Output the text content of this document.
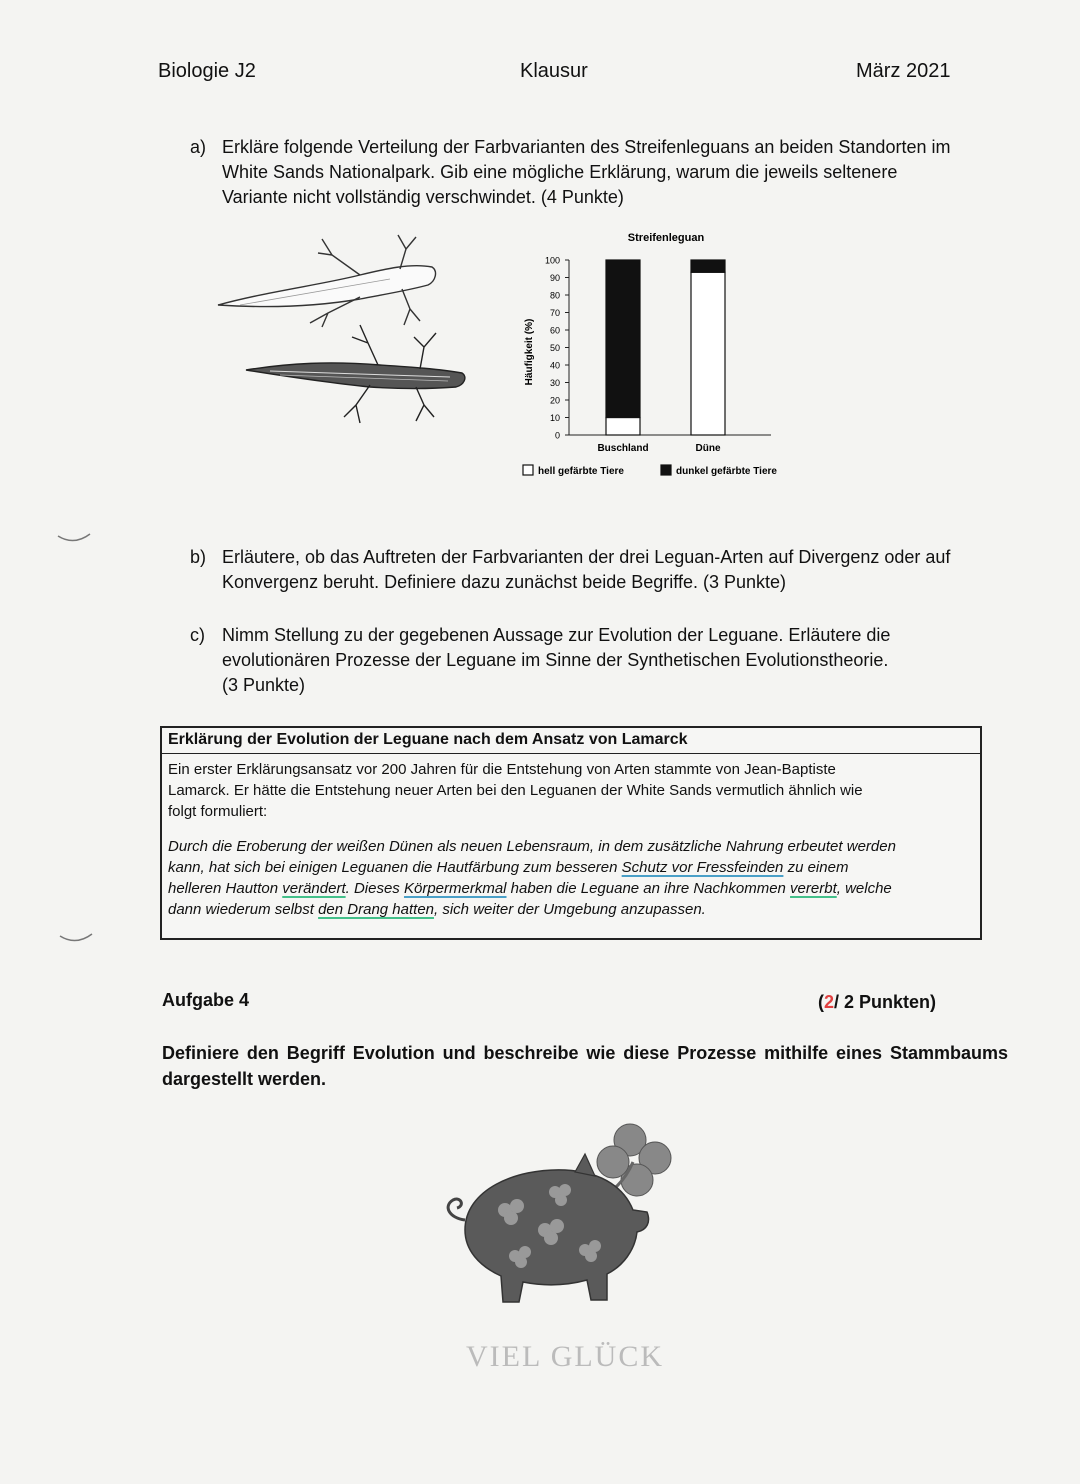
Biologie J2	Klausur	März 2021
a) Erkläre folgende Verteilung der Farbvarianten des Streifenleguans an beiden Standorten im
White Sands Nationalpark. Gib eine mögliche Erklärung, warum die jeweils seltenere
Variante nicht vollständig verschwindet. (4 Punkte)
Streifenleguan
Häufigkeit (%)
0
10
20
30
40
50
60
70
80
90
100
Buschland	Düne
hell gefärbte Tiere	dunkel gefärbte Tiere
b) Erläutere, ob das Auftreten der Farbvarianten der drei Leguan-Arten auf Divergenz oder auf
Konvergenz beruht. Definiere dazu zunächst beide Begriffe. (3 Punkte)
c) Nimm Stellung zu der gegebenen Aussage zur Evolution der Leguane. Erläutere die
evolutionären Prozesse der Leguane im Sinne der Synthetischen Evolutionstheorie.
(3 Punkte)
Erklärung der Evolution der Leguane nach dem Ansatz von Lamarck
Ein erster Erklärungsansatz vor 200 Jahren für die Entstehung von Arten stammte von Jean-Baptiste
Lamarck. Er hätte die Entstehung neuer Arten bei den Leguanen der White Sands vermutlich ähnlich wie
folgt formuliert:
Durch die Eroberung der weißen Dünen als neuen Lebensraum, in dem zusätzliche Nahrung erbeutet werden
kann, hat sich bei einigen Leguanen die Hautfärbung zum besseren Schutz vor Fressfeinden zu einem
helleren Hautton verändert. Dieses Körpermerkmal haben die Leguane an ihre Nachkommen vererbt, welche
dann wiederum selbst den Drang hatten, sich weiter der Umgebung anzupassen.
Aufgabe 4	(2/ 2 Punkten)
Definiere den Begriff Evolution und beschreibe wie diese Prozesse mithilfe eines Stammbaums dargestellt werden.
VIEL GLÜCK
